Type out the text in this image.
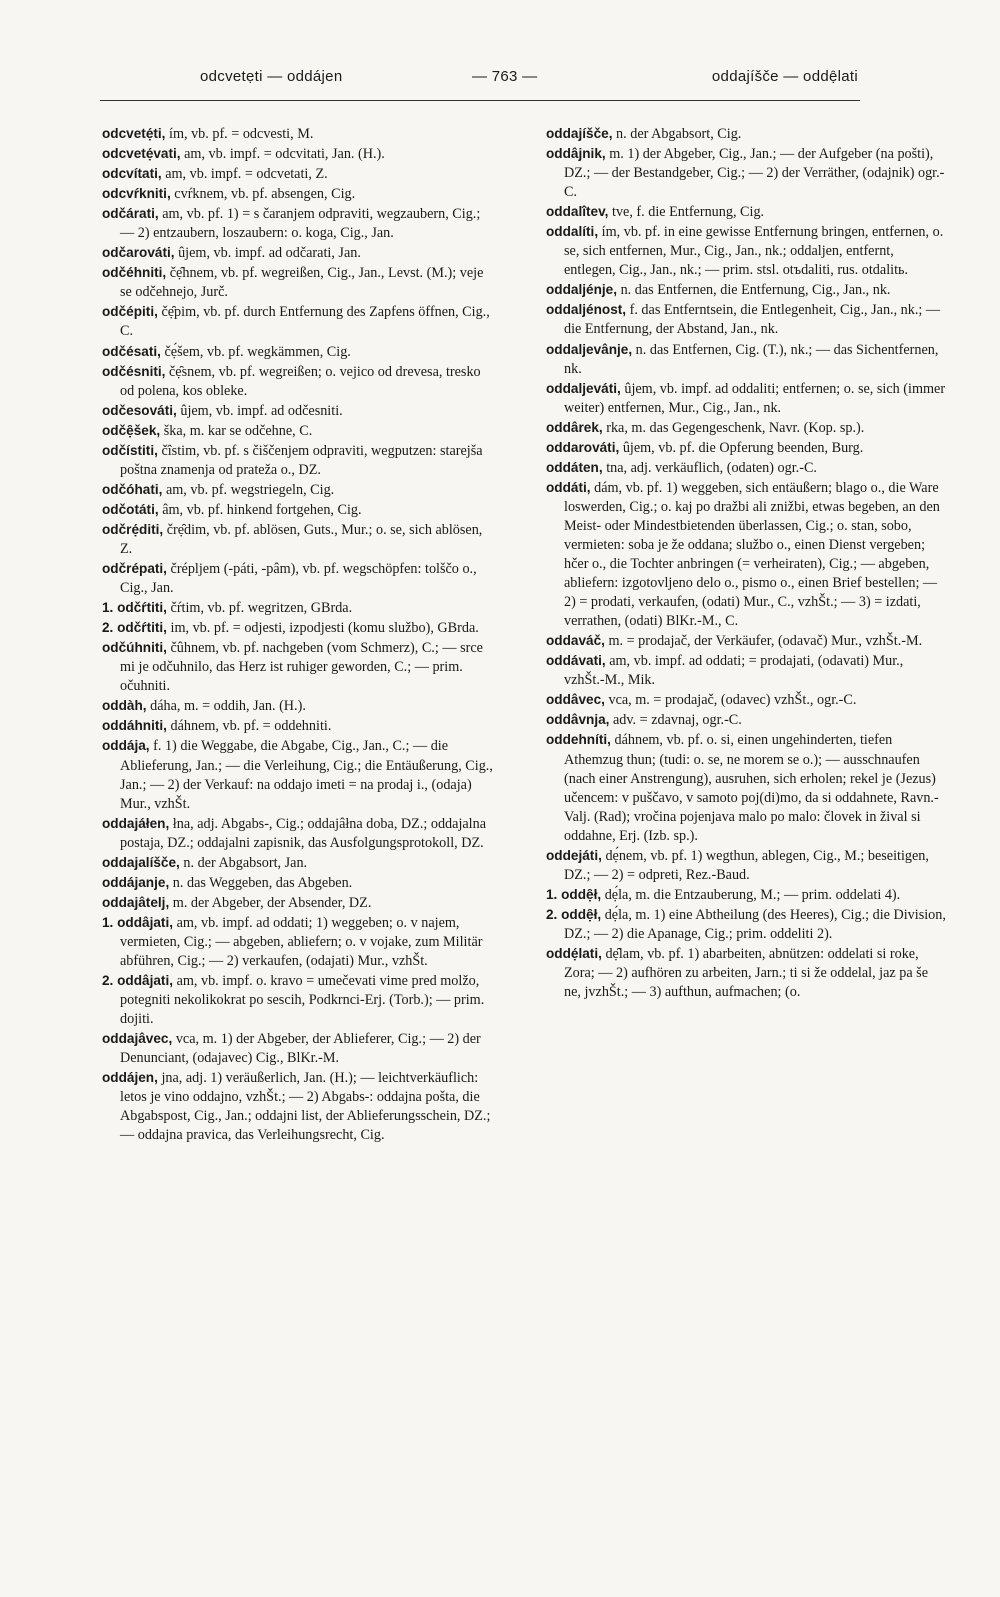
odcvetẹti — oddájen	— 763 —	oddajíšče — oddẹ̑lati

odcvetẹ́ti, ím, vb. pf. = odcvesti, M.

odcvetẹ́vati, am, vb. impf. = odcvitati, Jan. (H.).

odcvítati, am, vb. impf. = odcvetati, Z.

odcvŕkniti, cvŕknem, vb. pf. absengen, Cig.

odčárati, am, vb. pf. 1) = s čaranjem odpraviti, wegzaubern, Cig.; — 2) entzaubern, loszaubern: o. koga, Cig., Jan.

odčarováti, ûjem, vb. impf. ad odčarati, Jan.

odčéhniti, čẹ̑hnem, vb. pf. wegreißen, Cig., Jan., Levst. (M.); veje se odčehnejo, Jurč.

odčépiti, čẹ̑pim, vb. pf. durch Entfernung des Zapfens öffnen, Cig., C.

odčésati, čẹ́šem, vb. pf. wegkämmen, Cig.

odčésniti, čẹ̑snem, vb. pf. wegreißen; o. vejico od drevesa, tresko od polena, kos obleke.

odčesováti, ûjem, vb. impf. ad odčesniti.

odčẹ̑šek, ška, m. kar se odčehne, C.

odčístiti, čîstim, vb. pf. s čiščenjem odpraviti, wegputzen: starejša poštna znamenja od prateža o., DZ.

odčóhati, am, vb. pf. wegstriegeln, Cig.

odčotáti, âm, vb. pf. hinkend fortgehen, Cig.

odčrẹ́diti, črẹ̑dim, vb. pf. ablösen, Guts., Mur.; o. se, sich ablösen, Z.

odčrépati, črépljem (-páti, -pâm), vb. pf. wegschöpfen: tolščo o., Cig., Jan.

1. odčŕtiti, čŕtim, vb. pf. wegritzen, GBrda.

2. odčŕtiti, im, vb. pf. = odjesti, izpodjesti (komu službo), GBrda.

odčúhniti, čûhnem, vb. pf. nachgeben (vom Schmerz), C.; — srce mi je odčuhnilo, das Herz ist ruhiger geworden, C.; — prim. očuhniti.

oddàh, dáha, m. = oddih, Jan. (H.).

oddáhniti, dáhnem, vb. pf. = oddehniti.

oddája, f. 1) die Weggabe, die Abgabe, Cig., Jan., C.; — die Ablieferung, Jan.; — die Verleihung, Cig.; die Entäußerung, Cig., Jan.; — 2) der Verkauf: na oddajo imeti = na prodaj i., (odaja) Mur., vzhŠt.

oddajáłen, łna, adj. Abgabs-, Cig.; oddajâłna doba, DZ.; oddajalna postaja, DZ.; oddajalni zapisnik, das Ausfolgungsprotokoll, DZ.

oddajalíšče, n. der Abgabsort, Jan.

oddájanje, n. das Weggeben, das Abgeben.

oddajâtelj, m. der Abgeber, der Absender, DZ.

1. oddâjati, am, vb. impf. ad oddati; 1) weggeben; o. v najem, vermieten, Cig.; — abgeben, abliefern; o. v vojake, zum Militär abführen, Cig.; — 2) verkaufen, (odajati) Mur., vzhŠt.

2. oddâjati, am, vb. impf. o. kravo = umečevati vime pred molžo, potegniti nekolikokrat po sescih, Podkrnci-Erj. (Torb.); — prim. dojiti.

oddajâvec, vca, m. 1) der Abgeber, der Ablieferer, Cig.; — 2) der Denunciant, (odajavec) Cig., BlKr.-M.

oddájen, jna, adj. 1) veräußerlich, Jan. (H.); — leichtverkäuflich: letos je vino oddajno, vzhŠt.; — 2) Abgabs-: oddajna pošta, die Abgabspost, Cig., Jan.; oddajni list, der Ablieferungsschein, DZ.; — oddajna pravica, das Verleihungsrecht, Cig.

oddajíšče, n. der Abgabsort, Cig.

oddâjnik, m. 1) der Abgeber, Cig., Jan.; — der Aufgeber (na pošti), DZ.; — der Bestandgeber, Cig.; — 2) der Verräther, (odajnik) ogr.-C.

oddalîtev, tve, f. die Entfernung, Cig.

oddalíti, ím, vb. pf. in eine gewisse Entfernung bringen, entfernen, o. se, sich entfernen, Mur., Cig., Jan., nk.; oddaljen, entfernt, entlegen, Cig., Jan., nk.; — prim. stsl. otъdaliti, rus. otdalitь.

oddaljénje, n. das Entfernen, die Entfernung, Cig., Jan., nk.

oddaljénost, f. das Entferntsein, die Entlegenheit, Cig., Jan., nk.; — die Entfernung, der Abstand, Jan., nk.

oddaljevânje, n. das Entfernen, Cig. (T.), nk.; — das Sichentfernen, nk.

oddaljeváti, ûjem, vb. impf. ad oddaliti; entfernen; o. se, sich (immer weiter) entfernen, Mur., Cig., Jan., nk.

oddârek, rka, m. das Gegengeschenk, Navr. (Kop. sp.).

oddarováti, ûjem, vb. pf. die Opferung beenden, Burg.

oddáten, tna, adj. verkäuflich, (odaten) ogr.-C.

oddáti, dám, vb. pf. 1) weggeben, sich entäußern; blago o., die Ware loswerden, Cig.; o. kaj po dražbi ali znižbi, etwas begeben, an den Meist- oder Mindestbietenden überlassen, Cig.; o. stan, sobo, vermieten: soba je že oddana; službo o., einen Dienst vergeben; hčer o., die Tochter anbringen (= verheiraten), Cig.; — abgeben, abliefern: izgotovljeno delo o., pismo o., einen Brief bestellen; — 2) = prodati, verkaufen, (odati) Mur., C., vzhŠt.; — 3) = izdati, verrathen, (odati) BlKr.-M., C.

oddaváč, m. = prodajač, der Verkäufer, (odavač) Mur., vzhŠt.-M.

oddávati, am, vb. impf. ad oddati; = prodajati, (odavati) Mur., vzhŠt.-M., Mik.

oddâvec, vca, m. = prodajač, (odavec) vzhŠt., ogr.-C.

oddâvnja, adv. = zdavnaj, ogr.-C.

oddehníti, dáhnem, vb. pf. o. si, einen ungehinderten, tiefen Athemzug thun; (tudi: o. se, ne morem se o.); — ausschnaufen (nach einer Anstrengung), ausruhen, sich erholen; rekel je (Jezus) učencem: v puščavo, v samoto poj(di)mo, da si oddahnete, Ravn.-Valj. (Rad); vročina pojenjava malo po malo: človek in žival si oddahne, Erj. (Izb. sp.).

oddejáti, dẹ́nem, vb. pf. 1) wegthun, ablegen, Cig., M.; beseitigen, DZ.; — 2) = odpreti, Rez.-Baud.

1. oddẹ̑ł, dẹ́la, m. die Entzauberung, M.; — prim. oddelati 4).

2. oddẹ̑ł, dẹ́la, m. 1) eine Abtheilung (des Heeres), Cig.; die Division, DZ.; — 2) die Apanage, Cig.; prim. oddeliti 2).

oddẹ́lati, dẹ̑lam, vb. pf. 1) abarbeiten, abnützen: oddelati si roke, Zora; — 2) aufhören zu arbeiten, Jarn.; ti si že oddelal, jaz pa še ne, jvzhŠt.; — 3) aufthun, aufmachen; (o.
